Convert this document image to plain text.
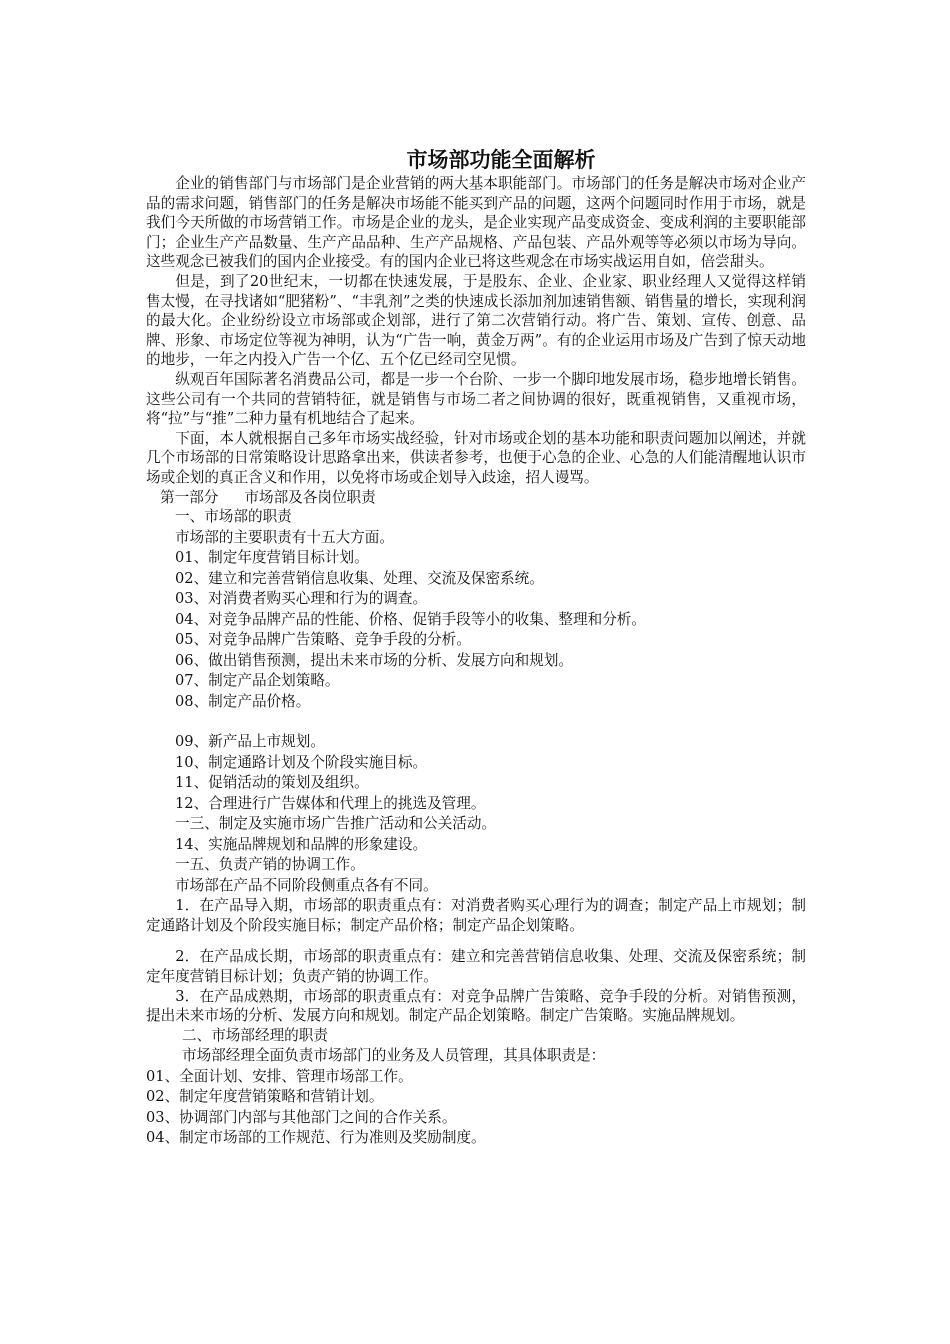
市场部功能全面解析

企业的销售部门与市场部门是企业营销的两大基本职能部门。市场部门的任务是解决市场对企业产品的需求问题，销售部门的任务是解决市场能不能买到产品的问题，这两个问题同时作用于市场，就是我们今天所做的市场营销工作。市场是企业的龙头，是企业实现产品变成资金、变成利润的主要职能部门；企业生产产品数量、生产产品品种、生产产品规格、产品包装、产品外观等等必须以市场为导向。这些观念已被我们的国内企业接受。有的国内企业已将这些观念在市场实战运用自如，倍尝甜头。

但是，到了20世纪末，一切都在快速发展，于是股东、企业、企业家、职业经理人又觉得这样销售太慢，在寻找诸如“肥猪粉”、“丰乳剂”之类的快速成长添加剂加速销售额、销售量的增长，实现利润的最大化。企业纷纷设立市场部或企划部，进行了第二次营销行动。将广告、策划、宣传、创意、品牌、形象、市场定位等视为神明，认为“广告一响，黄金万两”。有的企业运用市场及广告到了惊天动地的地步，一年之内投入广告一个亿、五个亿已经司空见惯。

纵观百年国际著名消费品公司，都是一步一个台阶、一步一个脚印地发展市场，稳步地增长销售。这些公司有一个共同的营销特征，就是销售与市场二者之间协调的很好，既重视销售，又重视市场，将“拉”与“推”二种力量有机地结合了起来。

下面，本人就根据自己多年市场实战经验，针对市场或企划的基本功能和职责问题加以阐述，并就几个市场部的日常策略设计思路拿出来，供读者参考，也便于心急的企业、心急的人们能清醒地认识市场或企划的真正含义和作用，以免将市场或企划导入歧途，招人谩骂。

第一部分 市场部及各岗位职责

一、市场部的职责

市场部的主要职责有十五大方面。

01、制定年度营销目标计划。

02、建立和完善营销信息收集、处理、交流及保密系统。

03、对消费者购买心理和行为的调查。

04、对竞争品牌产品的性能、价格、促销手段等小的收集、整理和分析。

05、对竞争品牌广告策略、竞争手段的分析。

06、做出销售预测，提出未来市场的分析、发展方向和规划。

07、制定产品企划策略。

08、制定产品价格。

09、新产品上市规划。

10、制定通路计划及个阶段实施目标。

11、促销活动的策划及组织。

12、合理进行广告媒体和代理上的挑选及管理。

一三、制定及实施市场广告推广活动和公关活动。

14、实施品牌规划和品牌的形象建设。

一五、负责产销的协调工作。

市场部在产品不同阶段侧重点各有不同。

1．在产品导入期，市场部的职责重点有：对消费者购买心理行为的调查；制定产品上市规划；制定通路计划及个阶段实施目标；制定产品价格；制定产品企划策略。

2．在产品成长期，市场部的职责重点有：建立和完善营销信息收集、处理、交流及保密系统；制定年度营销目标计划；负责产销的协调工作。

3．在产品成熟期，市场部的职责重点有：对竞争品牌广告策略、竞争手段的分析。对销售预测，提出未来市场的分析、发展方向和规划。制定产品企划策略。制定广告策略。实施品牌规划。

二、市场部经理的职责

市场部经理全面负责市场部门的业务及人员管理，其具体职责是：

01、全面计划、安排、管理市场部工作。

02、制定年度营销策略和营销计划。

03、协调部门内部与其他部门之间的合作关系。

04、制定市场部的工作规范、行为准则及奖励制度。
